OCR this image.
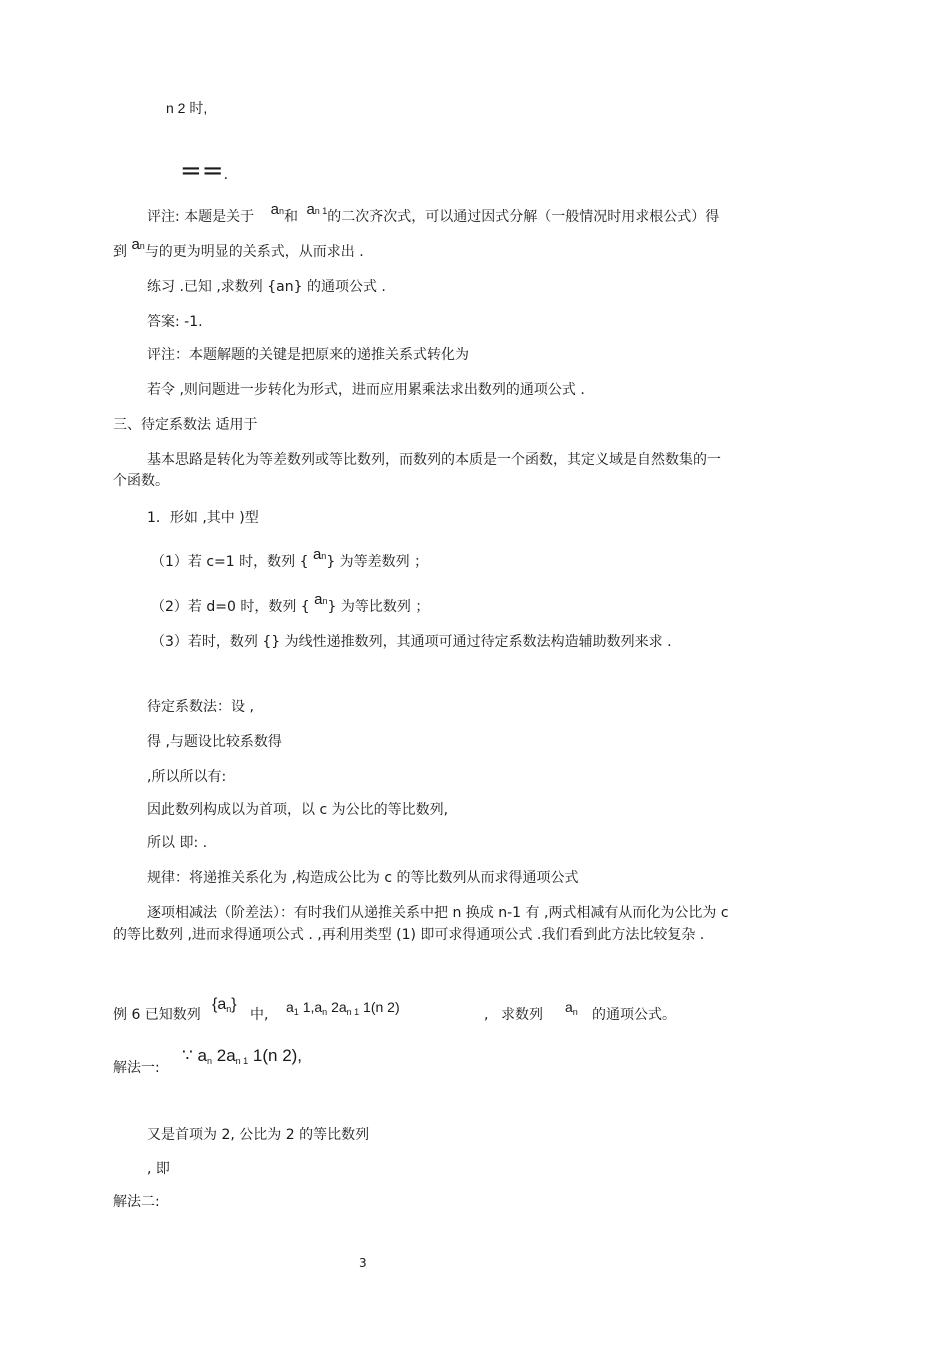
n 2 时,
==.
评注: 本题是关于 $a^n$和 $a^{n 1}$的二次齐次式，可以通过因式分解（一般情况时用求根公式）得
到 $a^n$与的更为明显的关系式，从而求出 .
练习 .已知 ,求数列 {an} 的通项公式 .
答案: -1.
评注：本题解题的关键是把原来的递推关系式转化为
若令 ,则问题进一步转化为形式，进而应用累乘法求出数列的通项公式 .
三、待定系数法 适用于
基本思路是转化为等差数列或等比数列，而数列的本质是一个函数，其定义域是自然数集的一
个函数。
1．形如 ,其中 )型
（1）若 c=1 时，数列 { $a^n$} 为等差数列 ；
（2）若 d=0 时，数列 { $a^n$} 为等比数列 ；
（3）若时，数列 {} 为线性递推数列，其通项可通过待定系数法构造辅助数列来求 .
待定系数法：设 ,
得 ,与题设比较系数得
,所以所以有:
因此数列构成以为首项，以 c 为公比的等比数列,
所以 即: .
规律：将递推关系化为 ,构造成公比为 c 的等比数列从而求得通项公式
逐项相减法（阶差法）：有时我们从递推关系中把 n 换成 n-1 有 ,两式相减有从而化为公比为 c
的等比数列 ,进而求得通项公式 . ,再利用类型 (1) 即可求得通项公式 .我们看到此方法比较复杂 .
例 6 已知数列
$\{a_n\}$
中, $a_1$ $1,a_n$ $2a_{n 1}$ 1(n 2)	, 求数列 $a_n$ 的通项公式。
解法一:
∵ $a_n$ $2a_{n 1}$ 1(n 2),
又是首项为 2, 公比为 2 的等比数列
, 即
解法二:
3
